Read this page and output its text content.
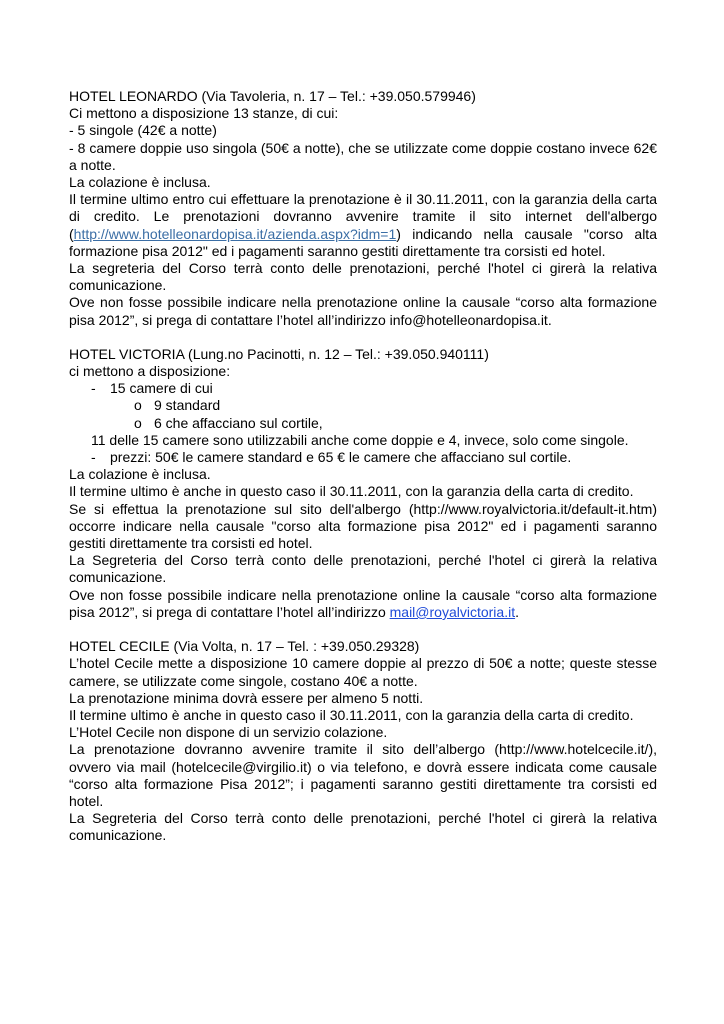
HOTEL LEONARDO (Via Tavoleria, n. 17 – Tel.: +39.050.579946)

Ci mettono a disposizione 13 stanze, di cui:

- 5 singole (42€ a notte)

- 8 camere doppie uso singola (50€ a notte), che se utilizzate come doppie costano invece 62€ a notte.

La colazione è inclusa.

Il termine ultimo entro cui effettuare la prenotazione è il 30.11.2011, con la garanzia della carta di credito. Le prenotazioni dovranno avvenire tramite il sito internet dell'albergo (http://www.hotelleonardopisa.it/azienda.aspx?idm=1) indicando nella causale "corso alta formazione pisa 2012" ed i pagamenti saranno gestiti direttamente tra corsisti ed hotel.

La segreteria del Corso terrà conto delle prenotazioni, perché l'hotel ci girerà la relativa comunicazione.

Ove non fosse possibile indicare nella prenotazione online la causale “corso alta formazione pisa 2012”, si prega di contattare l’hotel all’indirizzo info@hotelleonardopisa.it.

HOTEL VICTORIA (Lung.no Pacinotti, n. 12 – Tel.: +39.050.940111)

ci mettono a disposizione:

- 15 camere di cui

o 9 standard

o 6 che affacciano sul cortile,

11 delle 15 camere sono utilizzabili anche come doppie e 4, invece, solo come singole.

- prezzi: 50€ le camere standard e 65 € le camere che affacciano sul cortile.

La colazione è inclusa.

Il termine ultimo è anche in questo caso il 30.11.2011, con la garanzia della carta di credito.

Se si effettua la prenotazione sul sito dell'albergo (http://www.royalvictoria.it/default-it.htm) occorre indicare nella causale "corso alta formazione pisa 2012" ed i pagamenti saranno gestiti direttamente tra corsisti ed hotel.

La Segreteria del Corso terrà conto delle prenotazioni, perché l'hotel ci girerà la relativa comunicazione.

Ove non fosse possibile indicare nella prenotazione online la causale “corso alta formazione pisa 2012”, si prega di contattare l’hotel all’indirizzo mail@royalvictoria.it.

HOTEL CECILE (Via Volta, n. 17 – Tel. : +39.050.29328)

L’hotel Cecile mette a disposizione 10 camere doppie al prezzo di 50€ a notte; queste stesse camere, se utilizzate come singole, costano 40€ a notte.

La prenotazione minima dovrà essere per almeno 5 notti.

Il termine ultimo è anche in questo caso il 30.11.2011, con la garanzia della carta di credito.

L’Hotel Cecile non dispone di un servizio colazione.

La prenotazione dovranno avvenire tramite il sito dell’albergo (http://www.hotelcecile.it/), ovvero via mail (hotelcecile@virgilio.it) o via telefono, e dovrà essere indicata come causale “corso alta formazione Pisa 2012”; i pagamenti saranno gestiti direttamente tra corsisti ed hotel.

La Segreteria del Corso terrà conto delle prenotazioni, perché l'hotel ci girerà la relativa comunicazione.
